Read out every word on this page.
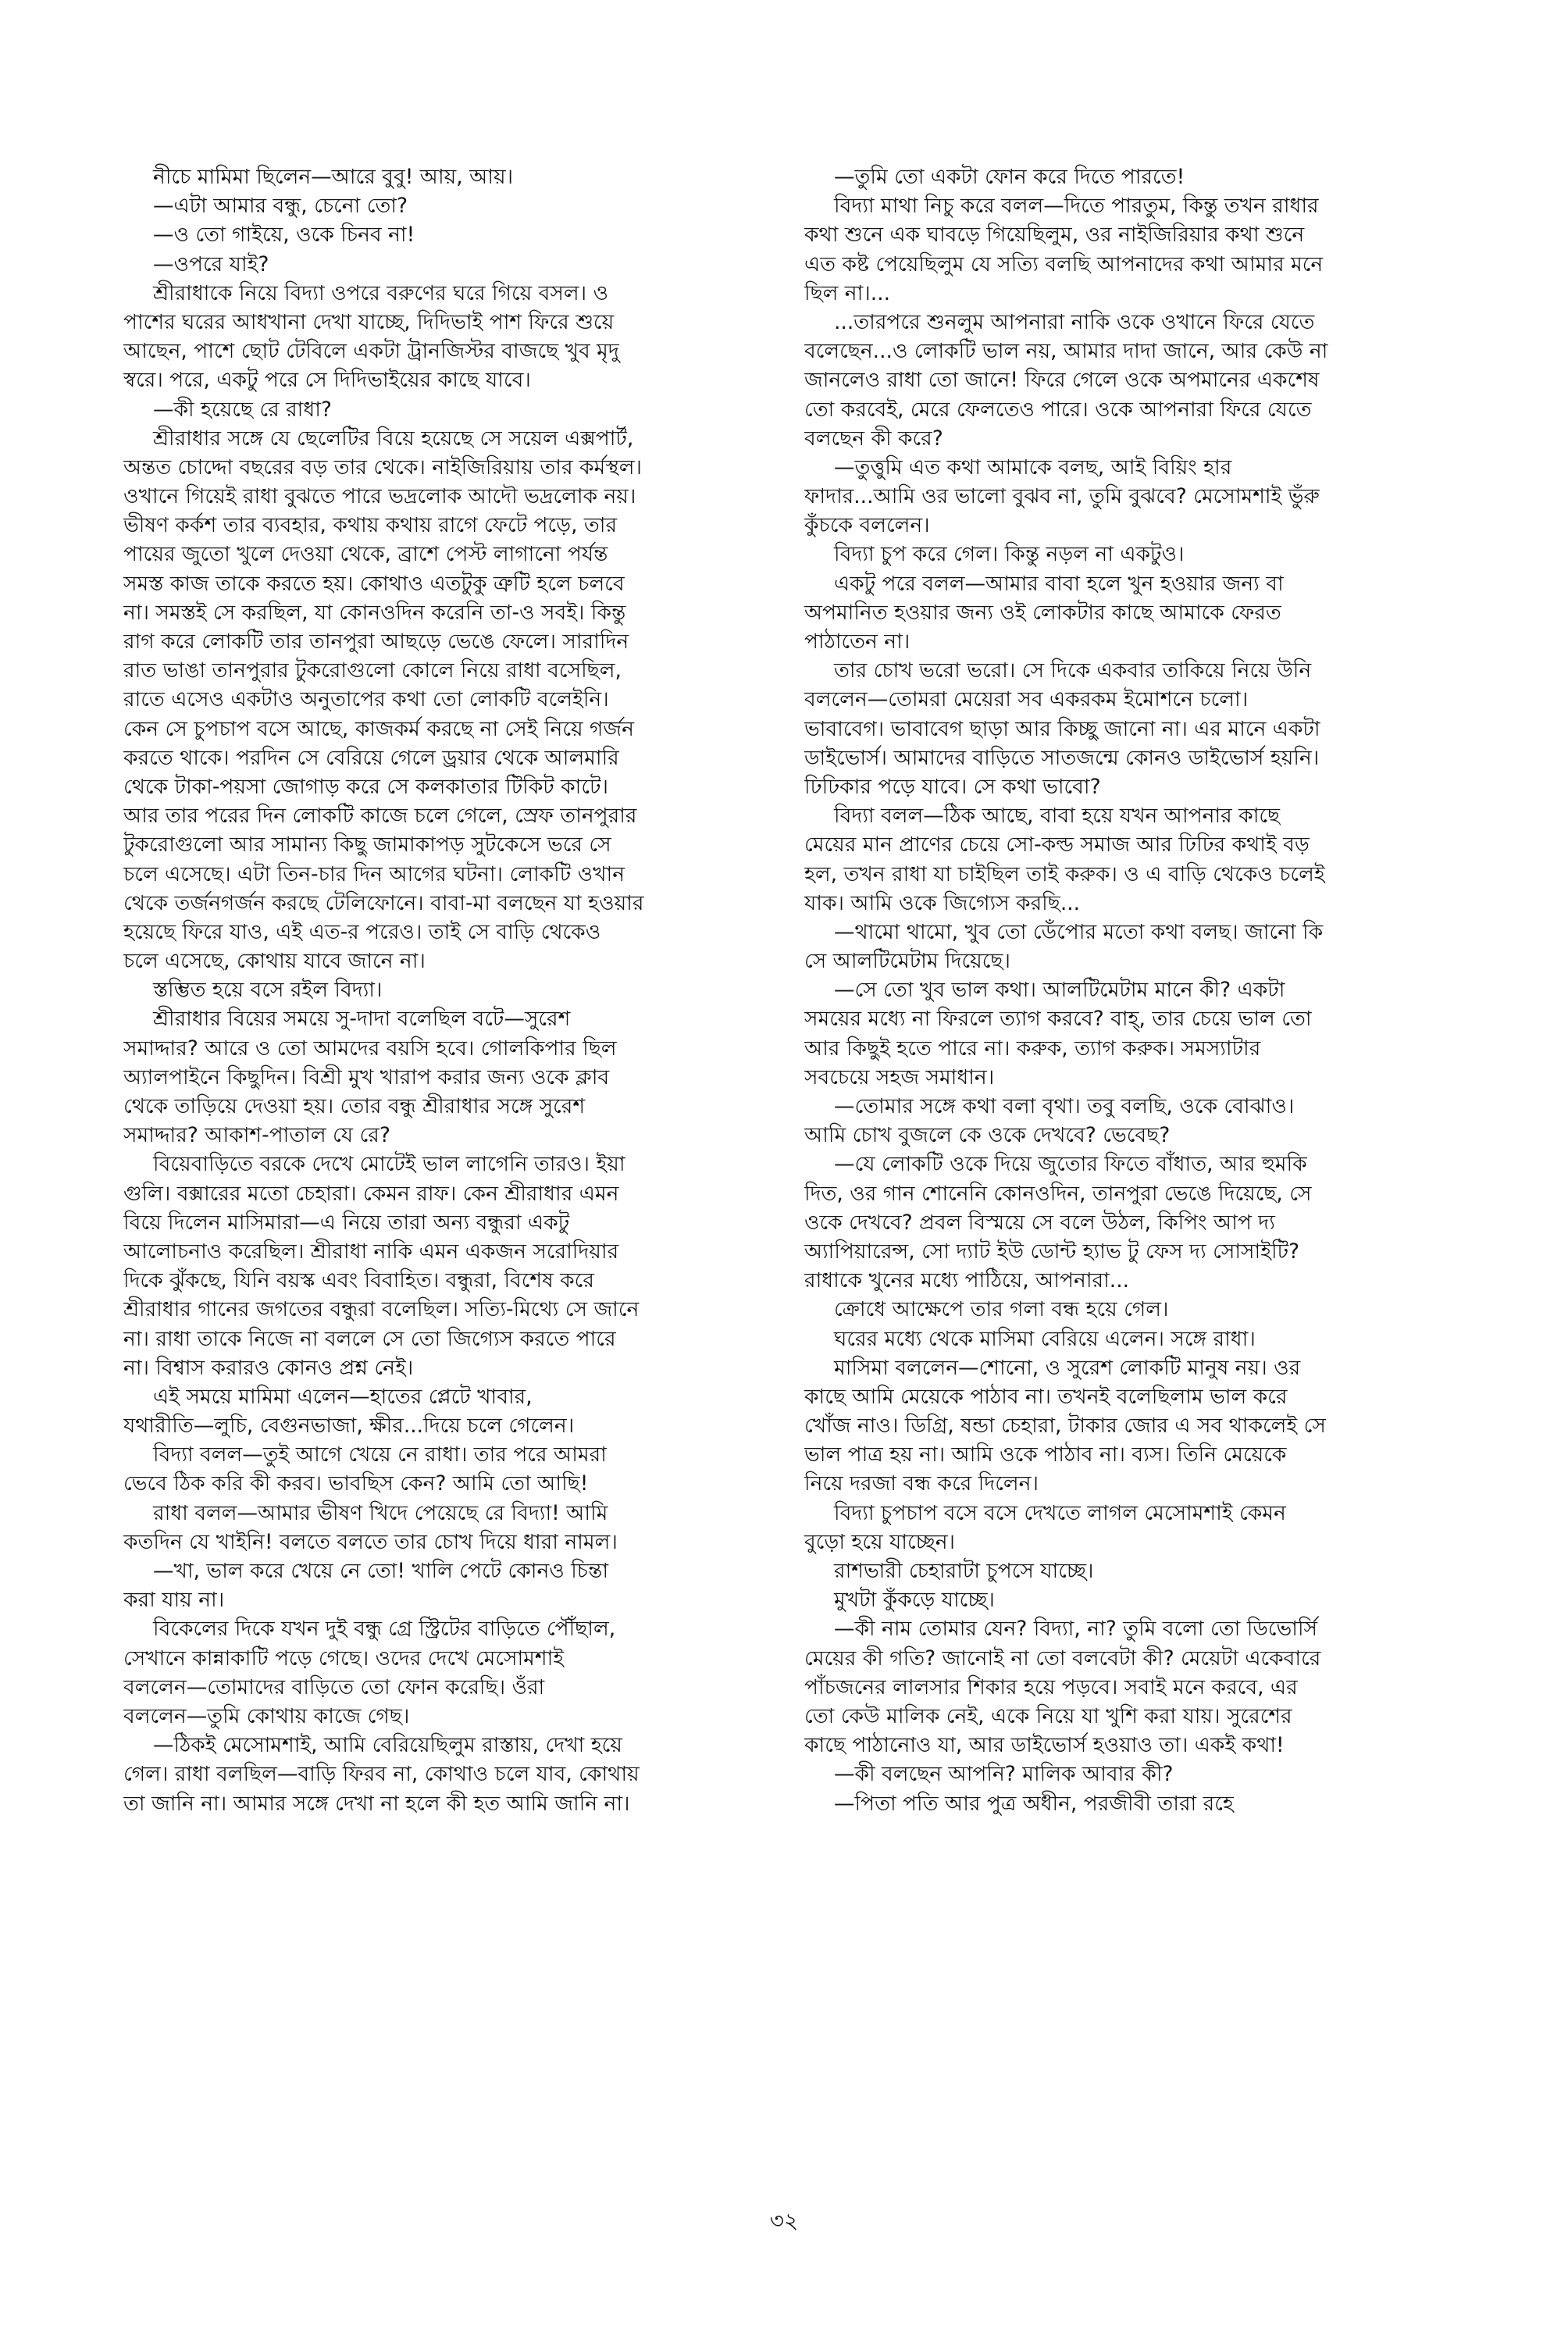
নীচে মামিমা ছিলেন—আরে বুবু! আয়, আয়।
—এটা আমার বন্ধু, চেনো তো?
—ও তো গাইয়ে, ওকে চিনব না!
—ওপরে যাই?
শ্রীরাধাকে নিয়ে বিদ্যা ওপরে বরুণের ঘরে গিয়ে বসল। ও
পাশের ঘরের আধখানা দেখা যাচ্ছে, দিদিভাই পাশ ফিরে শুয়ে
আছেন, পাশে ছোট টেবিলে একটা ট্রানজিস্টর বাজছে খুব মৃদু
স্বরে। পরে, একটু পরে সে দিদিভাইয়ের কাছে যাবে।
—কী হয়েছে রে রাধা?
শ্রীরাধার সঙ্গে যে ছেলেটির বিয়ে হয়েছে সে সয়েল এক্সপার্ট,
অন্তত চোদ্দো বছরের বড় তার থেকে। নাইজিরিয়ায় তার কর্মস্থল।
ওখানে গিয়েই রাধা বুঝতে পারে ভদ্রলোক আদৌ ভদ্রলোক নয়।
ভীষণ কর্কশ তার ব্যবহার, কথায় কথায় রাগে ফেটে পড়ে, তার
পায়ের জুতো খুলে দেওয়া থেকে, ব্রাশে পেস্ট লাগানো পর্যন্ত
সমস্ত কাজ তাকে করতে হয়। কোথাও এতটুকু ত্রুটি হলে চলবে
না। সমস্তই সে করছিল, যা কোনওদিন করেনি তা-ও সবই। কিন্তু
রাগ করে লোকটি তার তানপুরা আছড়ে ভেঙে ফেলে। সারাদিন
রাত ভাঙা তানপুরার টুকরোগুলো কোলে নিয়ে রাধা বসেছিল,
রাতে এসেও একটাও অনুতাপের কথা তো লোকটি বলেইনি।
কেন সে চুপচাপ বসে আছে, কাজকর্ম করছে না সেই নিয়ে গর্জন
করতে থাকে। পরদিন সে বেরিয়ে গেলে ড্রয়ার থেকে আলমারি
থেকে টাকা-পয়সা জোগাড় করে সে কলকাতার টিকিট কাটে।
আর তার পরের দিন লোকটি কাজে চলে গেলে, স্রেফ তানপুরার
টুকরোগুলো আর সামান্য কিছু জামাকাপড় সুটকেসে ভরে সে
চলে এসেছে। এটা তিন-চার দিন আগের ঘটনা। লোকটি ওখান
থেকে তর্জনগর্জন করছে টেলিফোনে। বাবা-মা বলছেন যা হওয়ার
হয়েছে ফিরে যাও, এই এত-র পরেও। তাই সে বাড়ি থেকেও
চলে এসেছে, কোথায় যাবে জানে না।
স্তম্ভিত হয়ে বসে রইল বিদ্যা।
শ্রীরাধার বিয়ের সময়ে সু-দাদা বলেছিল বটে—সুরেশ
সমাদ্দার? আরে ও তো আমদের বয়সি হবে। গোলকিপার ছিল
অ্যালপাইনে কিছুদিন। বিশ্রী মুখ খারাপ করার জন্য ওকে ক্লাব
থেকে তাড়িয়ে দেওয়া হয়। তোর বন্ধু শ্রীরাধার সঙ্গে সুরেশ
সমাদ্দার? আকাশ-পাতাল যে রে?
বিয়েবাড়িতে বরকে দেখে মোটেই ভাল লাগেনি তারও। ইয়া
গুলি। বক্সারের মতো চেহারা। কেমন রাফ। কেন শ্রীরাধার এমন
বিয়ে দিলেন মাসিমারা—এ নিয়ে তারা অন্য বন্ধুরা একটু
আলোচনাও করেছিল। শ্রীরাধা নাকি এমন একজন সরোদিয়ার
দিকে ঝুঁকছে, যিনি বয়স্ক এবং বিবাহিত। বন্ধুরা, বিশেষ করে
শ্রীরাধার গানের জগতের বন্ধুরা বলেছিল। সত্যি-মিথ্যে সে জানে
না। রাধা তাকে নিজে না বললে সে তো জিগ্যেস করতে পারে
না। বিশ্বাস করারও কোনও প্রশ্ন নেই।
এই সময়ে মামিমা এলেন—হাতের প্লেটে খাবার,
যথারীতি—লুচি, বেগুনভাজা, ক্ষীর...দিয়ে চলে গেলেন।
বিদ্যা বলল—তুই আগে খেয়ে নে রাধা। তার পরে আমরা
ভেবে ঠিক করি কী করব। ভাবছিস কেন? আমি তো আছি!
রাধা বলল—আমার ভীষণ খিদে পেয়েছে রে বিদ্যা! আমি
কতদিন যে খাইনি! বলতে বলতে তার চোখ দিয়ে ধারা নামল।
—খা, ভাল করে খেয়ে নে তো! খালি পেটে কোনও চিন্তা
করা যায় না।
বিকেলের দিকে যখন দুই বন্ধু গ্রে স্ট্রিটের বাড়িতে পৌঁছাল,
সেখানে কান্নাকাটি পড়ে গেছে। ওদের দেখে মেসোমশাই
বললেন—তোমাদের বাড়িতে তো ফোন করেছি। ওঁরা
বললেন—তুমি কোথায় কাজে গেছ।
—ঠিকই মেসোমশাই, আমি বেরিয়েছিলুম রাস্তায়, দেখা হয়ে
গেল। রাধা বলছিল—বাড়ি ফিরব না, কোথাও চলে যাব, কোথায়
তা জানি না। আমার সঙ্গে দেখা না হলে কী হত আমি জানি না।
—তুমি তো একটা ফোন করে দিতে পারতে!
বিদ্যা মাথা নিচু করে বলল—দিতে পারতুম, কিন্তু তখন রাধার
কথা শুনে এক ঘাবড়ে গিয়েছিলুম, ওর নাইজিরিয়ার কথা শুনে
এত কষ্ট পেয়েছিলুম যে সত্যি বলছি আপনাদের কথা আমার মনে
ছিল না।...
...তারপরে শুনলুম আপনারা নাকি ওকে ওখানে ফিরে যেতে
বলেছেন...ও লোকটি ভাল নয়, আমার দাদা জানে, আর কেউ না
জানলেও রাধা তো জানে! ফিরে গেলে ওকে অপমানের একশেষ
তো করবেই, মেরে ফেলতেও পারে। ওকে আপনারা ফিরে যেতে
বলছেন কী করে?
—তুত্তুমি এত কথা আমাকে বলছ, আই বিয়িং হার
ফাদার...আমি ওর ভালো বুঝব না, তুমি বুঝবে? মেসোমশাই ভুঁরু
কুঁচকে বললেন।
বিদ্যা চুপ করে গেল। কিন্তু নড়ল না একটুও।
একটু পরে বলল—আমার বাবা হলে খুন হওয়ার জন্য বা
অপমানিত হওয়ার জন্য ওই লোকটার কাছে আমাকে ফেরত
পাঠাতেন না।
তার চোখ ভরো ভরো। সে দিকে একবার তাকিয়ে নিয়ে উনি
বললেন—তোমরা মেয়েরা সব একরকম ইমোশনে চলো।
ভাবাবেগ। ভাবাবেগ ছাড়া আর কিচ্ছু জানো না। এর মানে একটা
ডাইভোর্স। আমাদের বাড়িতে সাতজন্মে কোনও ডাইভোর্স হয়নি।
ঢিঢিকার পড়ে যাবে। সে কথা ভাবো?
বিদ্যা বলল—ঠিক আছে, বাবা হয়ে যখন আপনার কাছে
মেয়ের মান প্রাণের চেয়ে সো-কল্ড সমাজ আর ঢিঢির কথাই বড়
হল, তখন রাধা যা চাইছিল তাই করুক। ও এ বাড়ি থেকেও চলেই
যাক। আমি ওকে জিগ্যেস করছি...
—থামো থামো, খুব তো ডেঁপোর মতো কথা বলছ। জানো কি
সে আলটিমেটাম দিয়েছে।
—সে তো খুব ভাল কথা। আলটিমেটাম মানে কী? একটা
সময়ের মধ্যে না ফিরলে ত্যাগ করবে? বাহ্, তার চেয়ে ভাল তো
আর কিছুই হতে পারে না। করুক, ত্যাগ করুক। সমস্যাটার
সবচেয়ে সহজ সমাধান।
—তোমার সঙ্গে কথা বলা বৃথা। তবু বলছি, ওকে বোঝাও।
আমি চোখ বুজলে কে ওকে দেখবে? ভেবেছ?
—যে লোকটি ওকে দিয়ে জুতোর ফিতে বাঁধাত, আর হুমকি
দিত, ওর গান শোনেনি কোনওদিন, তানপুরা ভেঙে দিয়েছে, সে
ওকে দেখবে? প্রবল বিস্ময়ে সে বলে উঠল, কিপিং আপ দ্য
অ্যাপিয়ারেন্স, সো দ্যাট ইউ ডোন্ট হ্যাভ টু ফেস দ্য সোসাইটি?
রাধাকে খুনের মধ্যে পাঠিয়ে, আপনারা...
ক্রোধে আক্ষেপে তার গলা বন্ধ হয়ে গেল।
ঘরের মধ্যে থেকে মাসিমা বেরিয়ে এলেন। সঙ্গে রাধা।
মাসিমা বললেন—শোনো, ও সুরেশ লোকটি মানুষ নয়। ওর
কাছে আমি মেয়েকে পাঠাব না। তখনই বলেছিলাম ভাল করে
খোঁজ নাও। ডিগ্রি, ষন্ডা চেহারা, টাকার জোর এ সব থাকলেই সে
ভাল পাত্র হয় না। আমি ওকে পাঠাব না। ব্যস। তিনি মেয়েকে
নিয়ে দরজা বন্ধ করে দিলেন।
বিদ্যা চুপচাপ বসে বসে দেখতে লাগল মেসোমশাই কেমন
বুড়ো হয়ে যাচ্ছেন।
রাশভারী চেহারাটা চুপসে যাচ্ছে।
মুখটা কুঁকড়ে যাচ্ছে।
—কী নাম তোমার যেন? বিদ্যা, না? তুমি বলো তো ডিভোর্সি
মেয়ের কী গতি? জানোই না তো বলবেটা কী? মেয়েটা একেবারে
পাঁচজনের লালসার শিকার হয়ে পড়বে। সবাই মনে করবে, এর
তো কেউ মালিক নেই, একে নিয়ে যা খুশি করা যায়। সুরেশের
কাছে পাঠানোও যা, আর ডাইভোর্স হওয়াও তা। একই কথা!
—কী বলছেন আপনি? মালিক আবার কী?
—পিতা পতি আর পুত্র অধীন, পরজীবী তারা রহে
৩২
